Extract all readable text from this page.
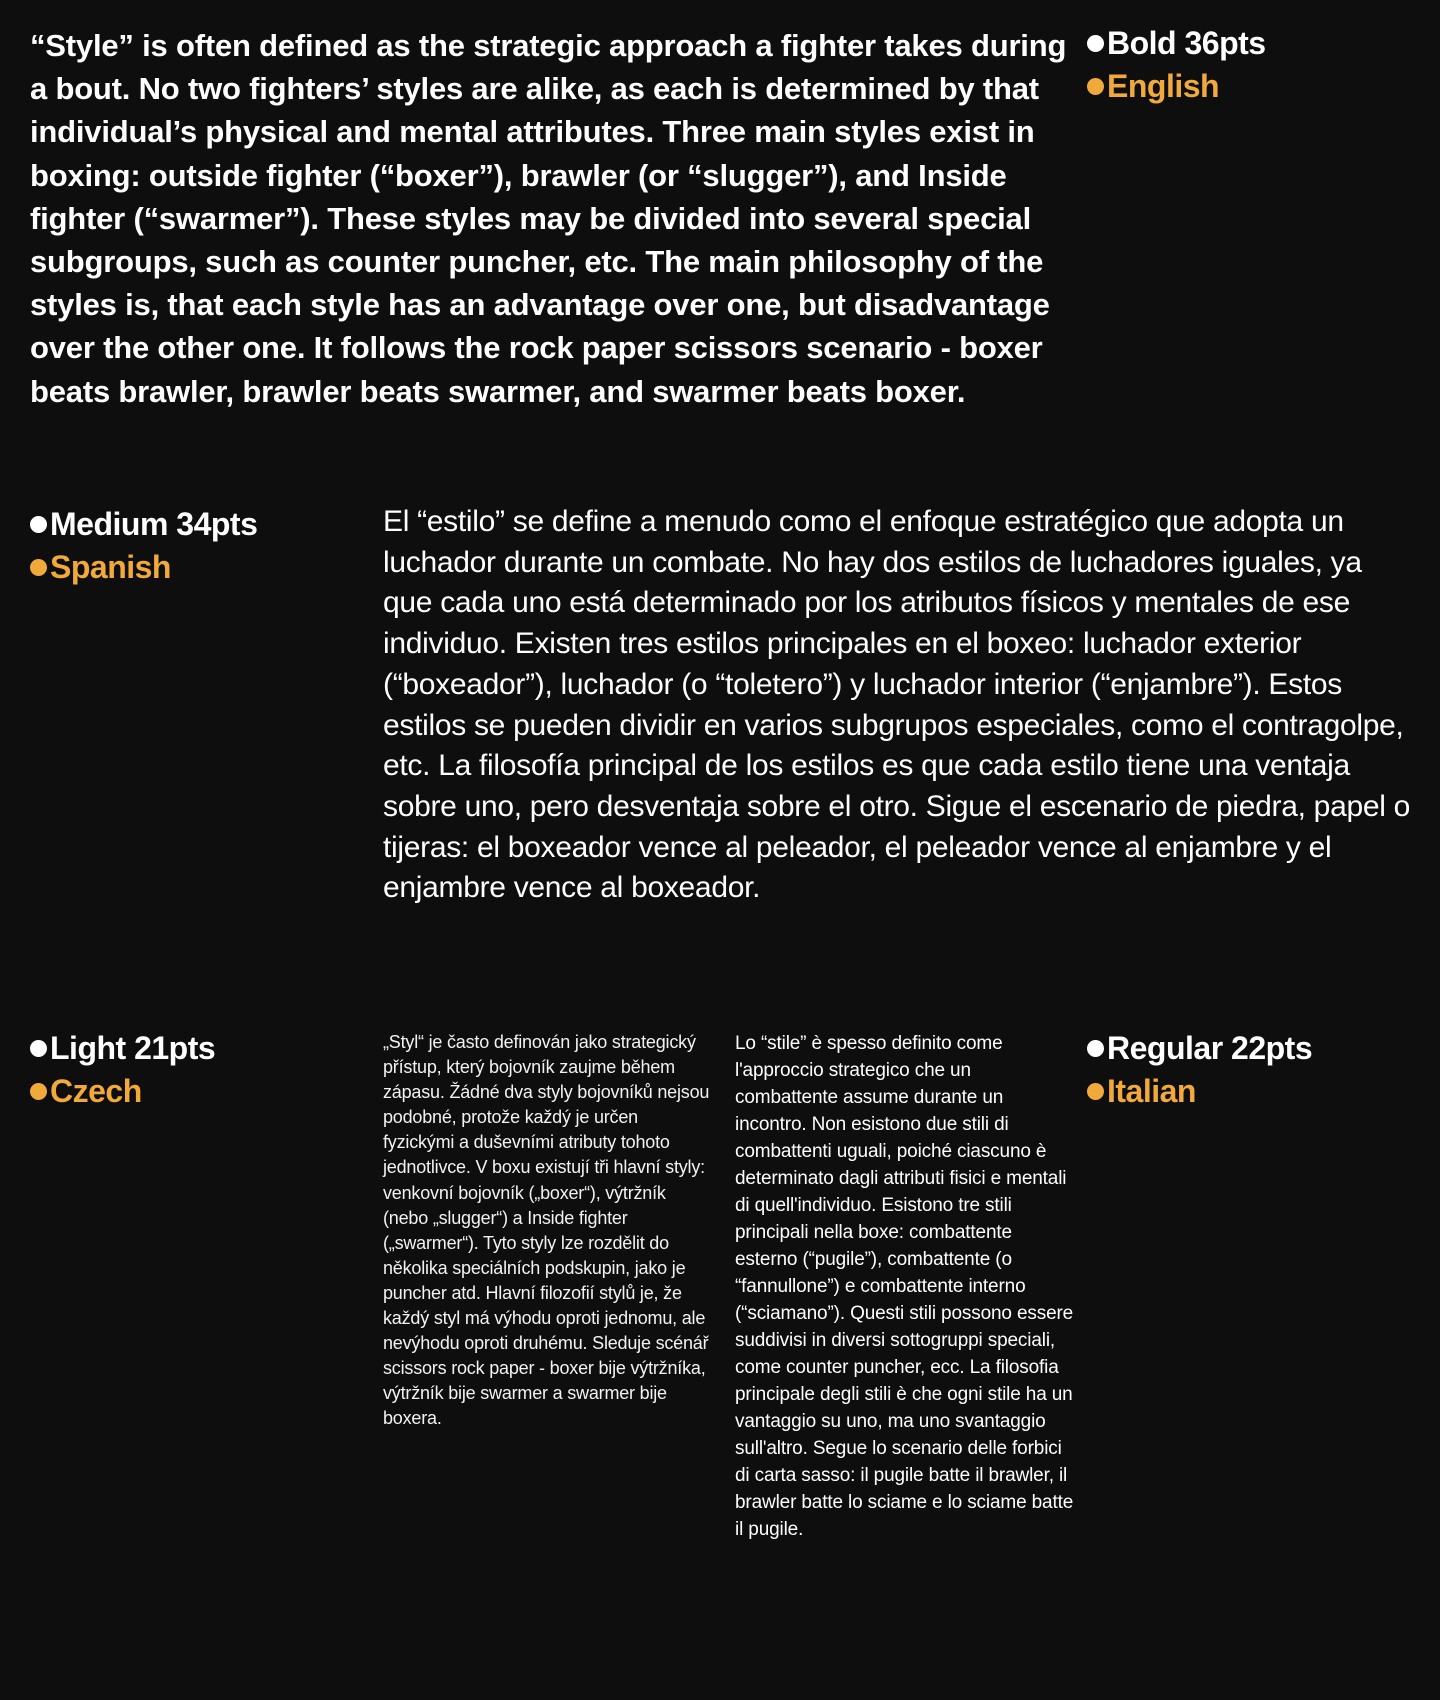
“Style” is often defined as the strategic approach a fighter takes during a bout. No two fighters’ styles are alike, as each is determined by that individual’s physical and mental attributes. Three main styles exist in boxing: outside fighter (“boxer”), brawler (or “slugger”), and Inside fighter (“swarmer”). These styles may be divided into several special subgroups, such as counter puncher, etc. The main philosophy of the styles is, that each style has an advantage over one, but disadvantage over the other one. It follows the rock paper scissors scenario - boxer beats brawler, brawler beats swarmer, and swarmer beats boxer.

Bold 36pts
English
Medium 34pts
Spanish

El “estilo” se define a menudo como el enfoque estratégico que adopta un luchador durante un combate. No hay dos estilos de luchadores iguales, ya que cada uno está determinado por los atributos físicos y mentales de ese individuo. Existen tres estilos principales en el boxeo: luchador exterior (“boxeador”), luchador (o “toletero”) y luchador interior (“enjambre”). Estos estilos se pueden dividir en varios subgrupos especiales, como el contragolpe, etc. La filosofía principal de los estilos es que cada estilo tiene una ventaja sobre uno, pero desventaja sobre el otro. Sigue el escenario de piedra, papel o tijeras: el boxeador vence al peleador, el peleador vence al enjambre y el enjambre vence al boxeador.

Light 21pts
Czech

„Styl“ je často definován jako strategický přístup, který bojovník zaujme během zápasu. Žádné dva styly bojovníků nejsou podobné, protože každý je určen fyzickými a duševními atributy tohoto jednotlivce. V boxu existují tři hlavní styly: venkovní bojovník („boxer“), výtržník (nebo „slugger“) a Inside fighter („swarmer“). Tyto styly lze rozdělit do několika speciálních podskupin, jako je puncher atd. Hlavní filozofií stylů je, že každý styl má výhodu oproti jednomu, ale nevýhodu oproti druhému. Sleduje scénář scissors rock paper - boxer bije výtržníka, výtržník bije swarmer a swarmer bije boxera.

Lo “stile” è spesso definito come l'approccio strategico che un combattente assume durante un incontro. Non esistono due stili di combattenti uguali, poiché ciascuno è determinato dagli attributi fisici e mentali di quell'individuo. Esistono tre stili principali nella boxe: combattente esterno (“pugile”), combattente (o “fannullone”) e combattente interno (“sciamano”). Questi stili possono essere suddivisi in diversi sottogruppi speciali, come counter puncher, ecc. La filosofia principale degli stili è che ogni stile ha un vantaggio su uno, ma uno svantaggio sull'altro. Segue lo scenario delle forbici di carta sasso: il pugile batte il brawler, il brawler batte lo sciame e lo sciame batte il pugile.

Regular 22pts
Italian
